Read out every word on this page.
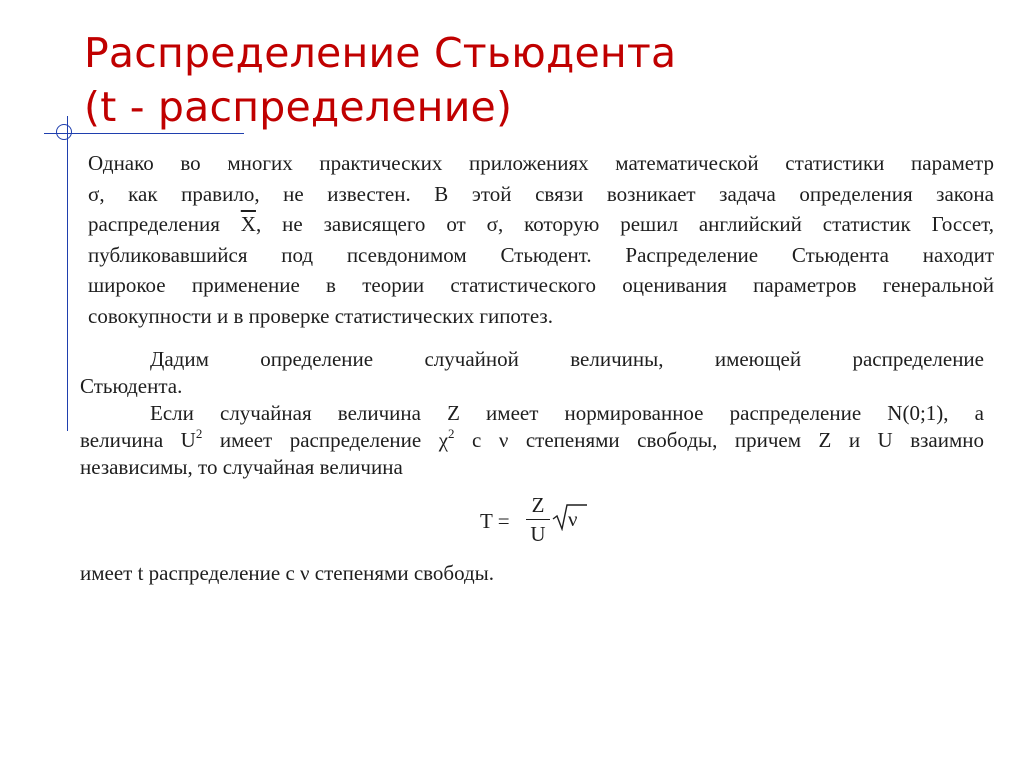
Распределение Стьюдента
(t - распределение)
Однако во многих практических приложениях математической статистики параметр
σ, как правило, не известен. В этой связи возникает задача определения закона
распределения $\overline{X}$, не зависящего от σ, которую решил английский статистик Госсет,
публиковавшийся под псевдонимом Стьюдент. Распределение Стьюдента находит
широкое применение в теории статистического оценивания параметров генеральной
совокупности и в проверке статистических гипотез.
Дадим определение случайной величины, имеющей распределение
Стьюдента.
Если случайная величина Z имеет нормированное распределение N(0;1), а
величина $U^2$ имеет распределение $\chi^2$ с ν степенями свободы, причем Z и U взаимно
независимы, то случайная величина
T =
Z
U
ν
имеет t распределение с ν степенями свободы.
